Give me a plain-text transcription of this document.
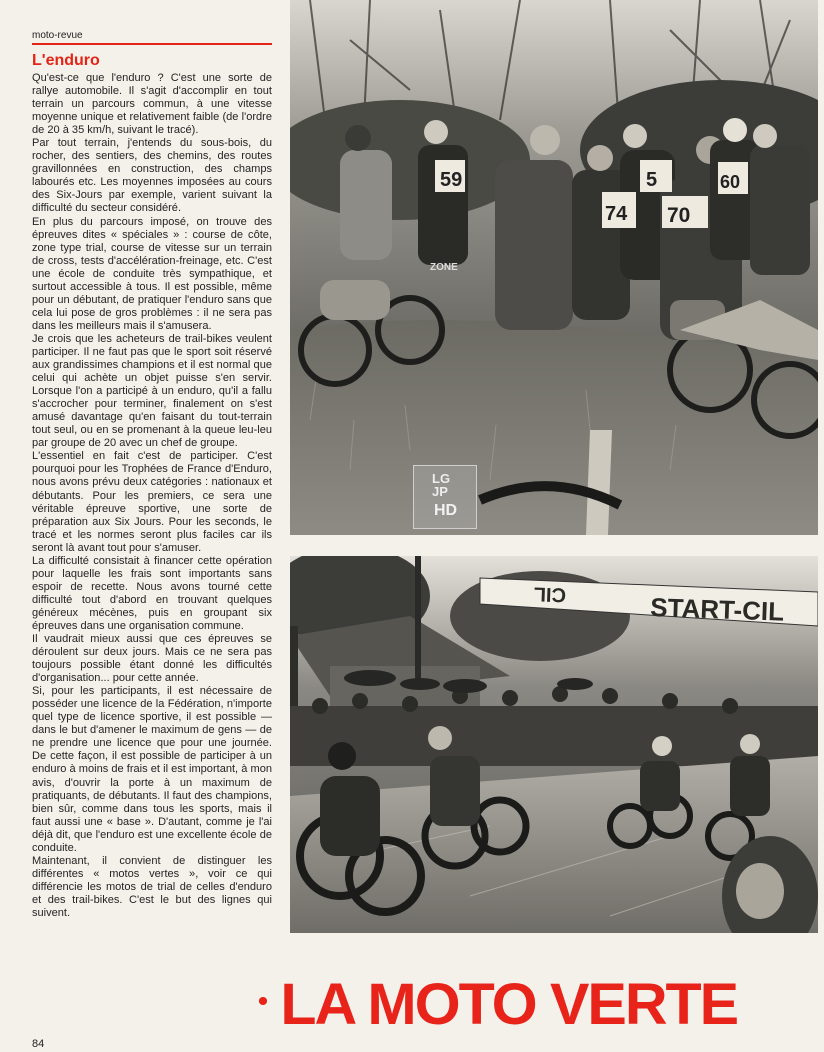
moto-revue
L'enduro

Qu'est-ce que l'enduro ? C'est une sorte de rallye automobile. Il s'agit d'accomplir en tout terrain un parcours commun, à une vitesse moyenne unique et relativement faible (de l'ordre de 20 à 35 km/h, suivant le tracé).

Par tout terrain, j'entends du sous-bois, du rocher, des sentiers, des chemins, des routes gravillonnées en construction, des champs labourés etc. Les moyennes imposées au cours des Six-Jours par exemple, varient suivant la difficulté du secteur considéré.

En plus du parcours imposé, on trouve des épreuves dites « spéciales » : course de côte, zone type trial, course de vitesse sur un terrain de cross, tests d'accélération-freinage, etc. C'est une école de conduite très sympathique, et surtout accessible à tous. Il est possible, même pour un débutant, de pratiquer l'enduro sans que cela lui pose de gros problèmes : il ne sera pas dans les meilleurs mais il s'amusera.

Je crois que les acheteurs de trail-bikes veulent participer. Il ne faut pas que le sport soit réservé aux grandissimes champions et il est normal que celui qui achète un objet puisse s'en servir. Lorsque l'on a participé à un enduro, qu'il a fallu s'accrocher pour terminer, finalement on s'est amusé davantage qu'en faisant du tout-terrain tout seul, ou en se promenant à la queue leu-leu par groupe de 20 avec un chef de groupe.

L'essentiel en fait c'est de participer. C'est pourquoi pour les Trophées de France d'Enduro, nous avons prévu deux catégories : nationaux et débutants. Pour les premiers, ce sera une véritable épreuve sportive, une sorte de préparation aux Six Jours. Pour les seconds, le tracé et les normes seront plus faciles car ils seront là avant tout pour s'amuser.

La difficulté consistait à financer cette opération pour laquelle les frais sont importants sans espoir de recette. Nous avons tourné cette difficulté tout d'abord en trouvant quelques généreux mécènes, puis en groupant six épreuves dans une organisation commune.

Il vaudrait mieux aussi que ces épreuves se déroulent sur deux jours. Mais ce ne sera pas toujours possible étant donné les difficultés d'organisation... pour cette année.

Si, pour les participants, il est nécessaire de posséder une licence de la Fédération, n'importe quel type de licence sportive, il est possible — dans le but d'amener le maximum de gens — de ne prendre une licence que pour une journée. De cette façon, il est possible de participer à un enduro à moins de frais et il est important, à mon avis, d'ouvrir la porte à un maximum de pratiquants, de débutants. Il faut des champions, bien sûr, comme dans tous les sports, mais il faut aussi une « base ». D'autant, comme je l'ai déjà dit, que l'enduro est une excellente école de conduite.

Maintenant, il convient de distinguer les différentes « motos vertes », voir ce qui différencie les motos de trial de celles d'enduro et des trail-bikes. C'est le but des lignes qui suivent.

59	5	60
74 70
ZONE
LG
JP
HD
START-CIL
CIL
• LA MOTO VERTE
84
